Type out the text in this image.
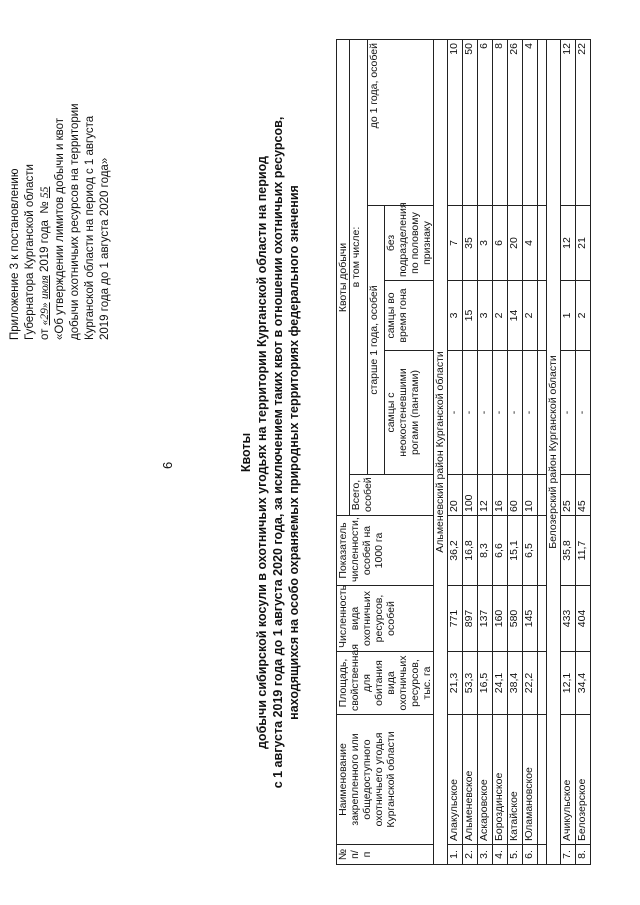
6
Приложение 3 к постановлению Губернатора Курганской области от «29» июля 2019 года  № 55 «Об утверждении лимитов добычи и квот добычи охотничьих ресурсов на территории Курганской области на период с 1 августа 2019 года до 1 августа 2020 года»
Квоты добычи сибирской косули в охотничьих угодьях на территории Курганской области на период с 1 августа 2019 года до 1 августа 2020 года, за исключением таких квот в отношении охотничьих ресурсов, находящихся на особо охраняемых природных территориях федерального значения
№ п/п	Наименование закрепленного или общедоступного охотничьего угодья Курганской области	Площадь, свойственная для обитания вида охотничьих ресурсов, тыс. га	Численность вида охотничьих ресурсов, особей	Показатель численности, особей на 1000 га	Квоты добычи				
					Всего, особей	в том числе:			
						старше 1 года, особей			до 1 года, особей
						самцы с неокостеневшими рогами (пантами)	самцы во время гона	без подразделения по половому признаку	
Альменевский район Курганской области									
1.	Алакульское	21,3	771	36,2	20	-	3	7	10
2.	Альменевское	53,3	897	16,8	100	-	15	35	50
3.	Аскаровское	16,5	137	8,3	12	-	3	3	6
4.	Бороздинское	24,1	160	6,6	16	-	2	6	8
5.	Катайское	38,4	580	15,1	60	-	14	20	26
6.	Юламановское	22,2	145	6,5	10	-	2	4	4

Белозерский район Курганской области									
7.	Ачикульское	12,1	433	35,8	25	-	1	12	12
8.	Белозерское	34,4	404	11,7	45	-	2	21	22
